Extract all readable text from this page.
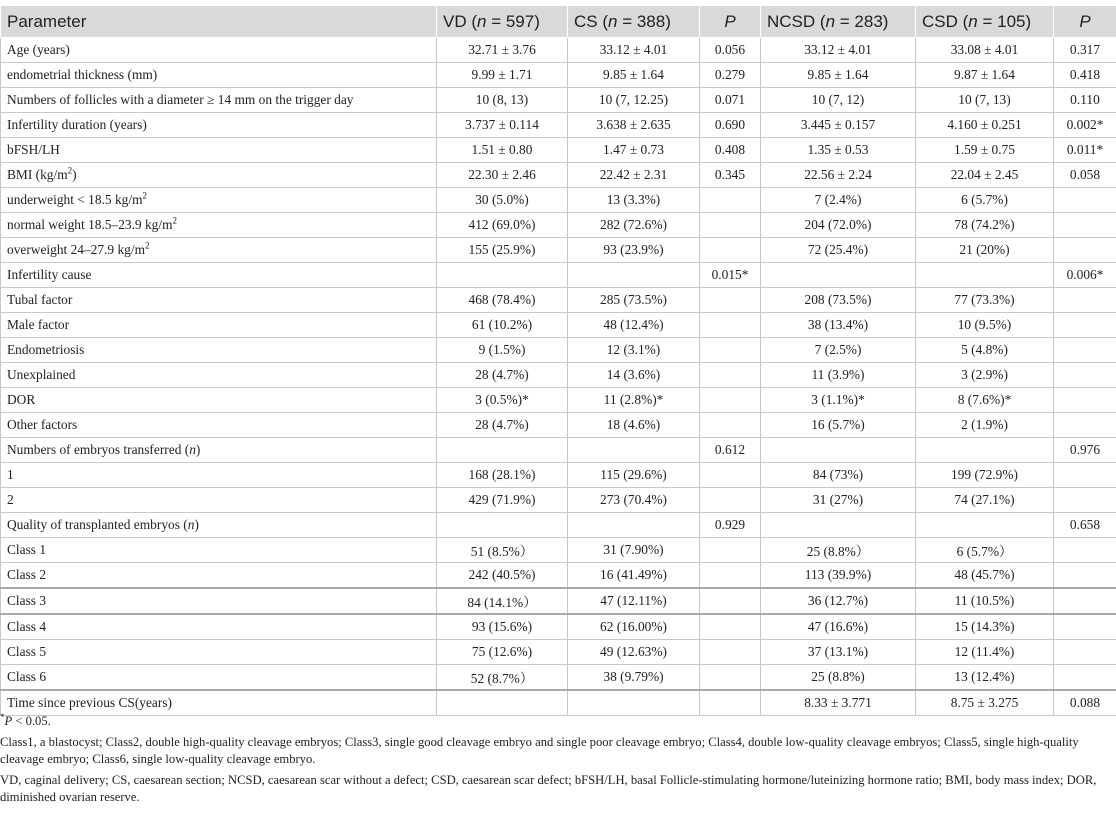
Parameter	VD (n = 597)	CS (n = 388)	P	NCSD (n = 283)	CSD (n = 105)	P
Age (years)	32.71 ± 3.76	33.12 ± 4.01	0.056	33.12 ± 4.01	33.08 ± 4.01	0.317
endometrial thickness (mm)	9.99 ± 1.71	9.85 ± 1.64	0.279	9.85 ± 1.64	9.87 ± 1.64	0.418
Numbers of follicles with a diameter ≥ 14 mm on the trigger day	10 (8, 13)	10 (7, 12.25)	0.071	10 (7, 12)	10 (7, 13)	0.110
Infertility duration (years)	3.737 ± 0.114	3.638 ± 2.635	0.690	3.445 ± 0.157	4.160 ± 0.251	0.002*
bFSH/LH	1.51 ± 0.80	1.47 ± 0.73	0.408	1.35 ± 0.53	1.59 ± 0.75	0.011*
BMI $(kg/m^2)$	22.30 ± 2.46	22.42 ± 2.31	0.345	22.56 ± 2.24	22.04 ± 2.45	0.058
underweight < 18.5 $kg/m^2$	30 (5.0%)	13 (3.3%)		7 (2.4%)	6 (5.7%)	
normal weight 18.5–23.9 $kg/m^2$	412 (69.0%)	282 (72.6%)		204 (72.0%)	78 (74.2%)	
overweight 24–27.9 $kg/m^2$	155 (25.9%)	93 (23.9%)		72 (25.4%)	21 (20%)	
Infertility cause			0.015*			0.006*
Tubal factor	468 (78.4%)	285 (73.5%)		208 (73.5%)	77 (73.3%)	
Male factor	61 (10.2%)	48 (12.4%)		38 (13.4%)	10 (9.5%)	
Endometriosis	9 (1.5%)	12 (3.1%)		7 (2.5%)	5 (4.8%)	
Unexplained	28 (4.7%)	14 (3.6%)		11 (3.9%)	3 (2.9%)	
DOR	3 (0.5%)*	11 (2.8%)*		3 (1.1%)*	8 (7.6%)*	
Other factors	28 (4.7%)	18 (4.6%)		16 (5.7%)	2 (1.9%)	
Numbers of embryos transferred (n)			0.612			0.976
1	168 (28.1%)	115 (29.6%)		84 (73%)	199 (72.9%)	
2	429 (71.9%)	273 (70.4%)		31 (27%)	74 (27.1%)	
Quality of transplanted embryos (n)			0.929			0.658
Class 1	51 (8.5%）	31 (7.90%)		25 (8.8%）	6 (5.7%）	
Class 2	242 (40.5%)	16 (41.49%)		113 (39.9%)	48 (45.7%)	
Class 3	84 (14.1%）	47 (12.11%)		36 (12.7%)	11 (10.5%)	
Class 4	93 (15.6%)	62 (16.00%)		47 (16.6%)	15 (14.3%)	
Class 5	75 (12.6%)	49 (12.63%)		37 (13.1%)	12 (11.4%)	
Class 6	52 (8.7%）	38 (9.79%)		25 (8.8%)	13 (12.4%)	
Time since previous CS(years)				8.33 ± 3.771	8.75 ± 3.275	0.088

*P < 0.05.

Class1, a blastocyst; Class2, double high-quality cleavage embryos; Class3, single good cleavage embryo and single poor cleavage embryo; Class4, double low-quality cleavage embryos; Class5, single high-quality cleavage embryo; Class6, single low-quality cleavage embryo.

VD, caginal delivery; CS, caesarean section; NCSD, caesarean scar without a defect; CSD, caesarean scar defect; bFSH/LH, basal Follicle-stimulating hormone/luteinizing hormone ratio; BMI, body mass index; DOR, diminished ovarian reserve.
